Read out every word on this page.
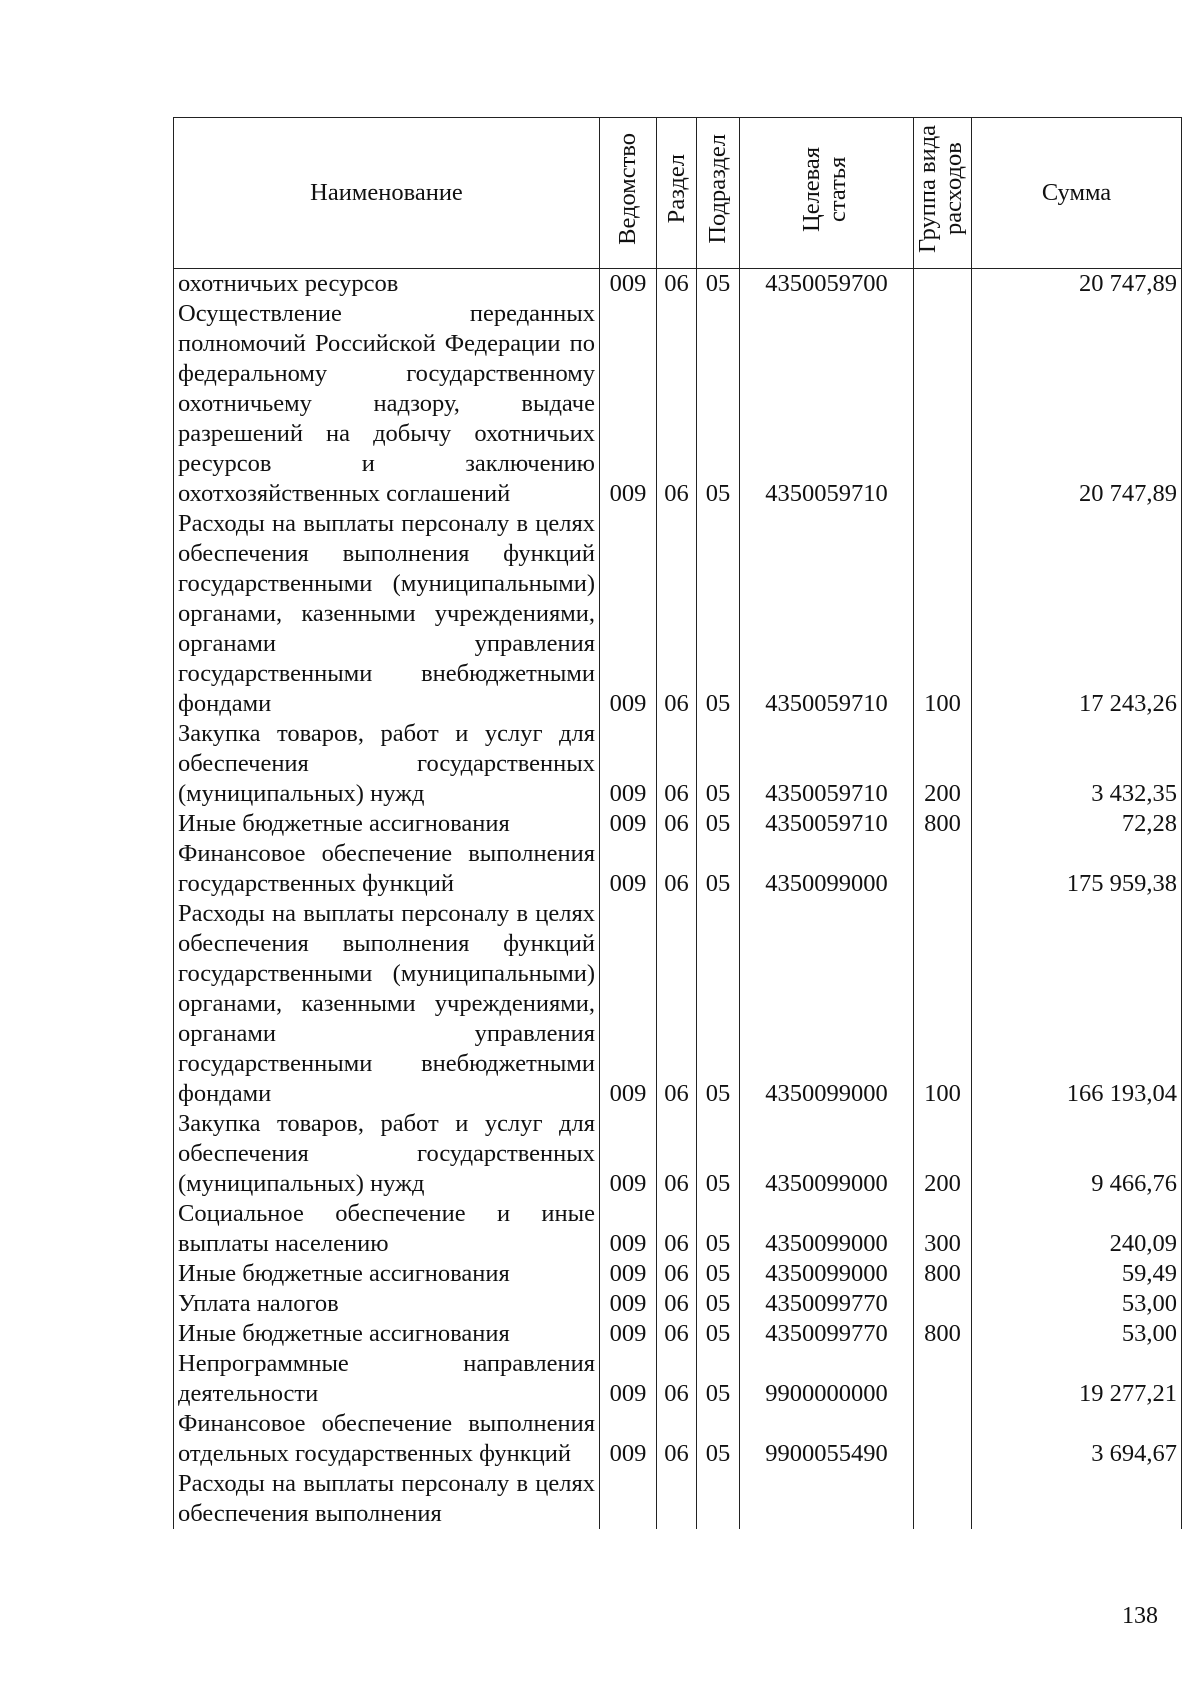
Наименование	Ведомство	Раздел	Подраздел	Целевая статья	Группа вида расходов	Сумма
охотничьих ресурсов	009	06	05	4350059700		20 747,89
Осуществление переданных полномочий Российской Федерации по федеральному государственному охотничьему надзору, выдаче разрешений на добычу охотничьих ресурсов и заключению охотхозяйственных соглашений	009	06	05	4350059710		20 747,89
Расходы на выплаты персоналу в целях обеспечения выполнения функций государственными (муниципальными) органами, казенными учреждениями, органами управления государственными внебюджетными фондами	009	06	05	4350059710	100	17 243,26
Закупка товаров, работ и услуг для обеспечения государственных (муниципальных) нужд	009	06	05	4350059710	200	3 432,35
Иные бюджетные ассигнования	009	06	05	4350059710	800	72,28
Финансовое обеспечение выполнения государственных функций	009	06	05	4350099000		175 959,38
Расходы на выплаты персоналу в целях обеспечения выполнения функций государственными (муниципальными) органами, казенными учреждениями, органами управления государственными внебюджетными фондами	009	06	05	4350099000	100	166 193,04
Закупка товаров, работ и услуг для обеспечения государственных (муниципальных) нужд	009	06	05	4350099000	200	9 466,76
Социальное обеспечение и иные выплаты населению	009	06	05	4350099000	300	240,09
Иные бюджетные ассигнования	009	06	05	4350099000	800	59,49
Уплата налогов	009	06	05	4350099770		53,00
Иные бюджетные ассигнования	009	06	05	4350099770	800	53,00
Непрограммные направления деятельности	009	06	05	9900000000		19 277,21
Финансовое обеспечение выполнения отдельных государственных функций	009	06	05	9900055490		3 694,67
Расходы на выплаты персоналу в целях обеспечения выполнения						
138
